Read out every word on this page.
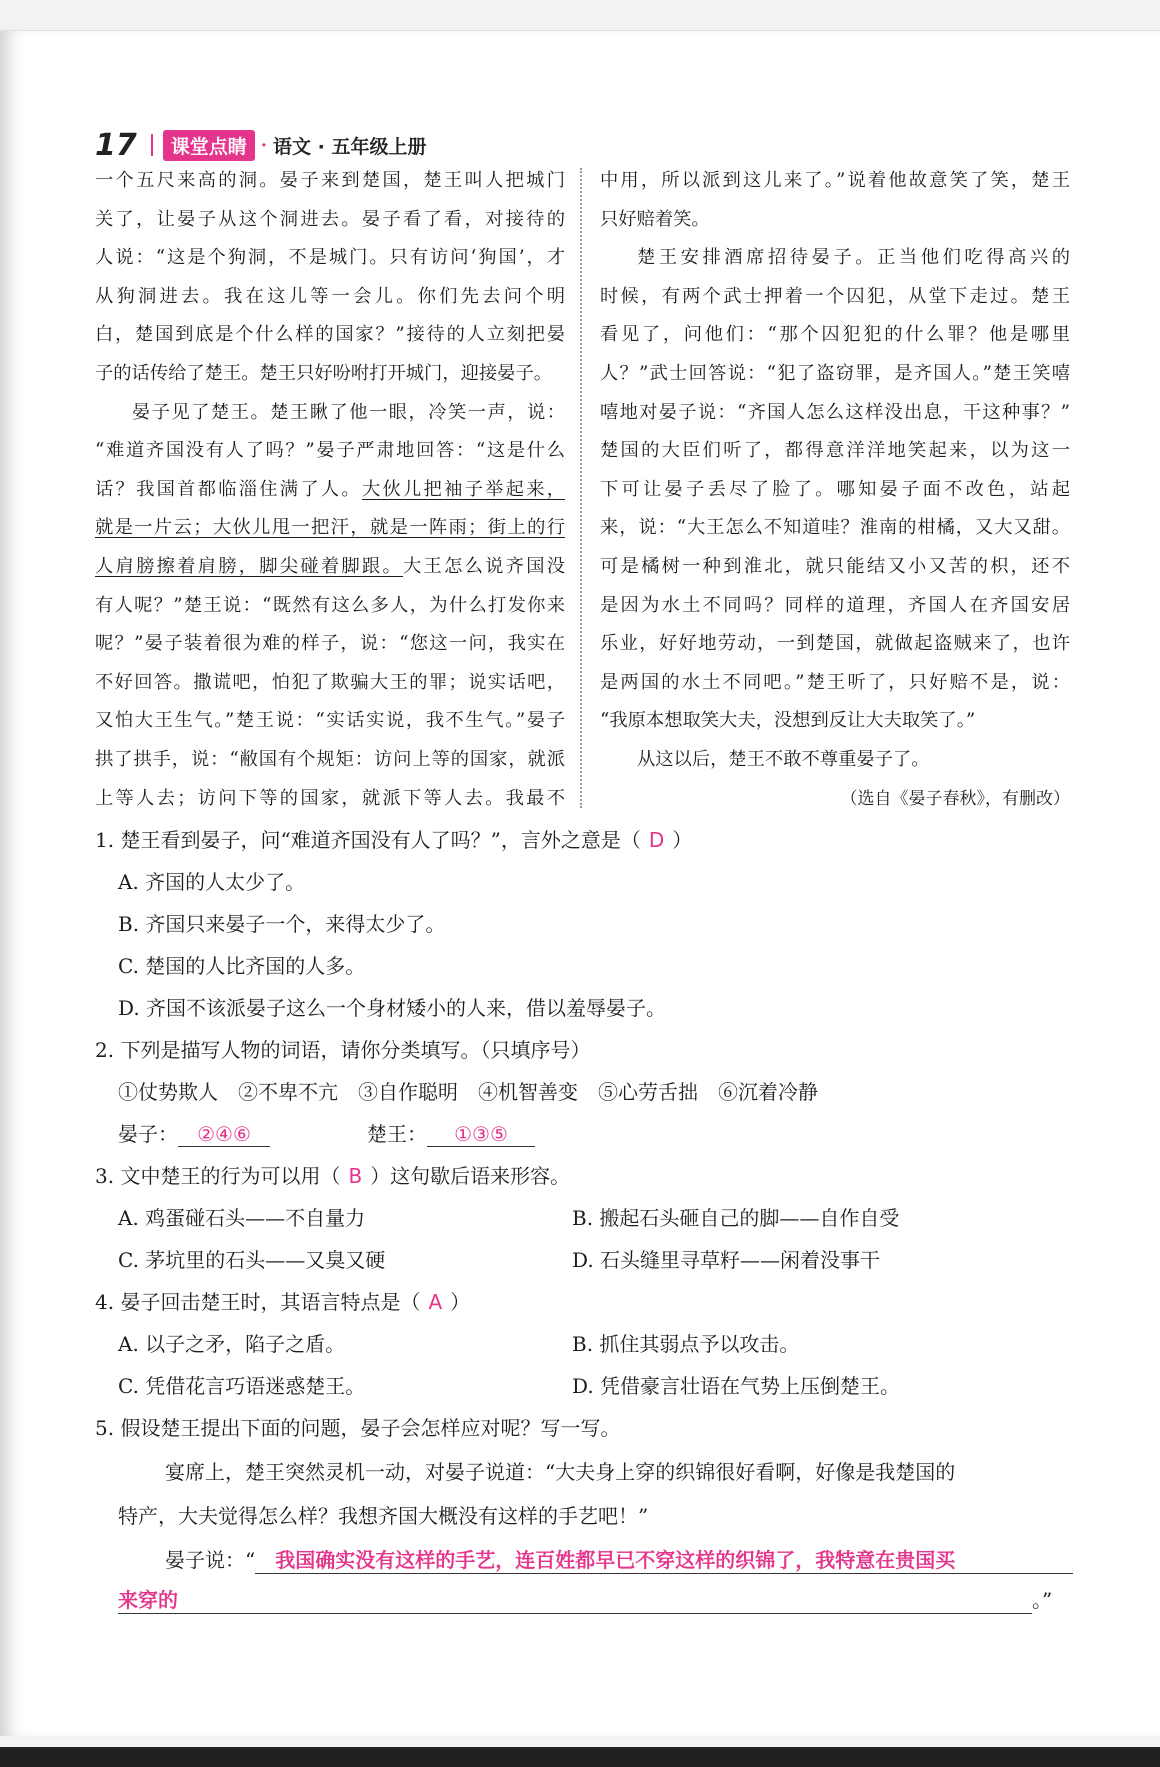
17	课堂点睛 · 语文 · 五年级上册
一个五尺来高的洞。晏子来到楚国，楚王叫人把城门
关了，让晏子从这个洞进去。晏子看了看，对接待的
人说：“这是个狗洞，不是城门。只有访问‘狗国’，才
从狗洞进去。我在这儿等一会儿。你们先去问个明
白，楚国到底是个什么样的国家？”接待的人立刻把晏
子的话传给了楚王。楚王只好吩咐打开城门，迎接晏子。
晏子见了楚王。楚王瞅了他一眼，冷笑一声，说：
“难道齐国没有人了吗？”晏子严肃地回答：“这是什么
话？我国首都临淄住满了人。大伙儿把袖子举起来，
就是一片云；大伙儿甩一把汗，就是一阵雨；街上的行
人肩膀擦着肩膀，脚尖碰着脚跟。大王怎么说齐国没
有人呢？”楚王说：“既然有这么多人，为什么打发你来
呢？”晏子装着很为难的样子，说：“您这一问，我实在
不好回答。撒谎吧，怕犯了欺骗大王的罪；说实话吧，
又怕大王生气。”楚王说：“实话实说，我不生气。”晏子
拱了拱手，说：“敝国有个规矩：访问上等的国家，就派
上等人去；访问下等的国家，就派下等人去。我最不
中用，所以派到这儿来了。”说着他故意笑了笑，楚王
只好赔着笑。
楚王安排酒席招待晏子。正当他们吃得高兴的
时候，有两个武士押着一个囚犯，从堂下走过。楚王
看见了，问他们：“那个囚犯犯的什么罪？他是哪里
人？”武士回答说：“犯了盗窃罪，是齐国人。”楚王笑嘻
嘻地对晏子说：“齐国人怎么这样没出息，干这种事？”
楚国的大臣们听了，都得意洋洋地笑起来，以为这一
下可让晏子丢尽了脸了。哪知晏子面不改色，站起
来，说：“大王怎么不知道哇？淮南的柑橘，又大又甜。
可是橘树一种到淮北，就只能结又小又苦的枳，还不
是因为水土不同吗？同样的道理，齐国人在齐国安居
乐业，好好地劳动，一到楚国，就做起盗贼来了，也许
是两国的水土不同吧。”楚王听了，只好赔不是，说：
“我原本想取笑大夫，没想到反让大夫取笑了。”
从这以后，楚王不敢不尊重晏子了。
（选自《晏子春秋》，有删改）
1. 楚王看到晏子，问“难道齐国没有人了吗？”，言外之意是（ D ）
A. 齐国的人太少了。
B. 齐国只来晏子一个，来得太少了。
C. 楚国的人比齐国的人多。
D. 齐国不该派晏子这么一个身材矮小的人来，借以羞辱晏子。
2. 下列是描写人物的词语，请你分类填写。（只填序号）
①仗势欺人　②不卑不亢　③自作聪明　④机智善变　⑤心劳舌拙　⑥沉着冷静
晏子： ②④⑥	楚王： ①③⑤
3. 文中楚王的行为可以用（ B ）这句歇后语来形容。
A. 鸡蛋碰石头——不自量力	B. 搬起石头砸自己的脚——自作自受
C. 茅坑里的石头——又臭又硬	D. 石头缝里寻草籽——闲着没事干
4. 晏子回击楚王时，其语言特点是（ A ）
A. 以子之矛，陷子之盾。	B. 抓住其弱点予以攻击。
C. 凭借花言巧语迷惑楚王。	D. 凭借豪言壮语在气势上压倒楚王。
5. 假设楚王提出下面的问题，晏子会怎样应对呢？写一写。
宴席上，楚王突然灵机一动，对晏子说道：“大夫身上穿的织锦很好看啊，好像是我楚国的
特产，大夫觉得怎么样？我想齐国大概没有这样的手艺吧！”
晏子说：“ 我国确实没有这样的手艺，连百姓都早已不穿这样的织锦了，我特意在贵国买
来穿的	。”
